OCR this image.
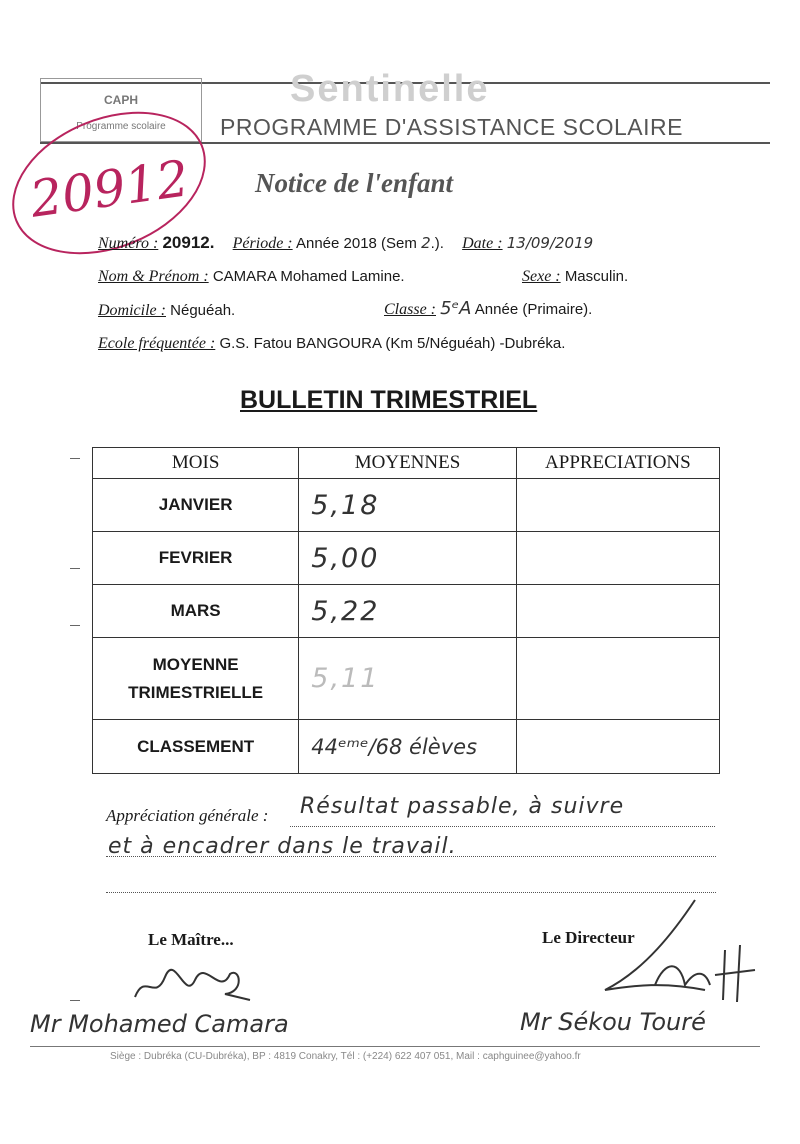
CAPH
Programme scolaire
Sentinelle
PROGRAMME D'ASSISTANCE SCOLAIRE
20912 Notice de l'enfant
Numéro : 20912. Période : Année 2018 (Sem 2.). Date : 13/09/2019
Nom & Prénom : CAMARA Mohamed Lamine.	Sexe : Masculin.
Domicile : Néguéah.	Classe : 5ᵉA Année (Primaire).
Ecole fréquentée : G.S. Fatou BANGOURA (Km 5/Néguéah) -Dubréka.
BULLETIN TRIMESTRIEL
MOIS	MOYENNES	APPRECIATIONS
JANVIER	5,18	
FEVRIER	5,00	
MARS	5,22	
MOYENNE TRIMESTRIELLE	5,11	
CLASSEMENT	44ᵉᵐᵉ/68 élèves	
Appréciation générale : Résultat passable, à suivre
et à encadrer dans le travail.
Le Maître...	Le Directeur
Mr Mohamed Camara	Mr Sékou Touré
Siège : Dubréka (CU-Dubréka), BP : 4819 Conakry, Tél : (+224) 622 407 051, Mail : caphguinee@yahoo.fr
